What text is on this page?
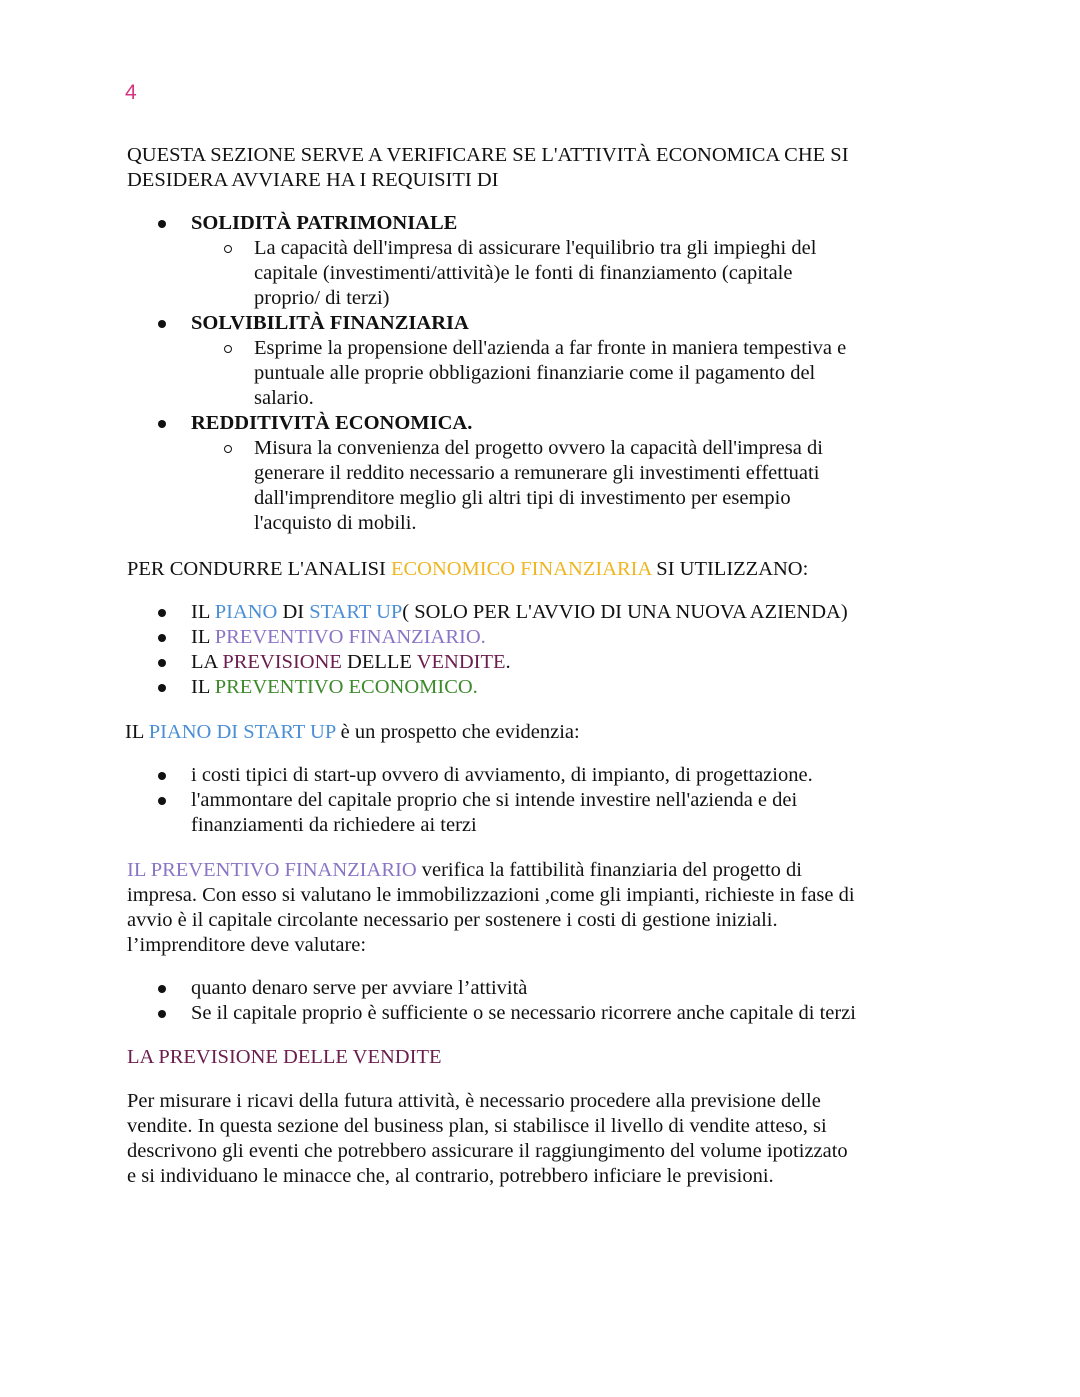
4

QUESTA SEZIONE SERVE A VERIFICARE SE L'ATTIVITÀ ECONOMICA CHE SI

DESIDERA AVVIARE HA I REQUISITI DI

SOLIDITÀ PATRIMONIALE
La capacità dell'impresa di assicurare l'equilibrio tra gli impieghi del
capitale (investimenti/attività)e le fonti di finanziamento (capitale
proprio/ di terzi)
SOLVIBILITÀ FINANZIARIA
Esprime la propensione dell'azienda a far fronte in maniera tempestiva e
puntuale alle proprie obbligazioni finanziarie come il pagamento del
salario.
REDDITIVITÀ ECONOMICA.
Misura la convenienza del progetto ovvero la capacità dell'impresa di
generare il reddito necessario a remunerare gli investimenti effettuati
dall'imprenditore meglio gli altri tipi di investimento per esempio
l'acquisto di mobili.

PER CONDURRE L'ANALISI ECONOMICO FINANZIARIA SI UTILIZZANO:

IL PIANO DI START UP( SOLO PER L'AVVIO DI UNA NUOVA AZIENDA)
IL PREVENTIVO FINANZIARIO.
LA PREVISIONE DELLE VENDITE.
IL PREVENTIVO ECONOMICO.

IL PIANO DI START UP è un prospetto che evidenzia:

i costi tipici di start-up ovvero di avviamento, di impianto, di progettazione.
l'ammontare del capitale proprio che si intende investire nell'azienda e dei
finanziamenti da richiedere ai terzi

IL PREVENTIVO FINANZIARIO verifica la fattibilità finanziaria del progetto di

impresa. Con esso si valutano le immobilizzazioni ,come gli impianti, richieste in fase di

avvio è il capitale circolante necessario per sostenere i costi di gestione iniziali.

l’imprenditore deve valutare:

quanto denaro serve per avviare l’attività
Se il capitale proprio è sufficiente o se necessario ricorrere anche capitale di terzi

LA PREVISIONE DELLE VENDITE

Per misurare i ricavi della futura attività, è necessario procedere alla previsione delle

vendite. In questa sezione del business plan, si stabilisce il livello di vendite atteso, si

descrivono gli eventi che potrebbero assicurare il raggiungimento del volume ipotizzato

e si individuano le minacce che, al contrario, potrebbero inficiare le previsioni.
